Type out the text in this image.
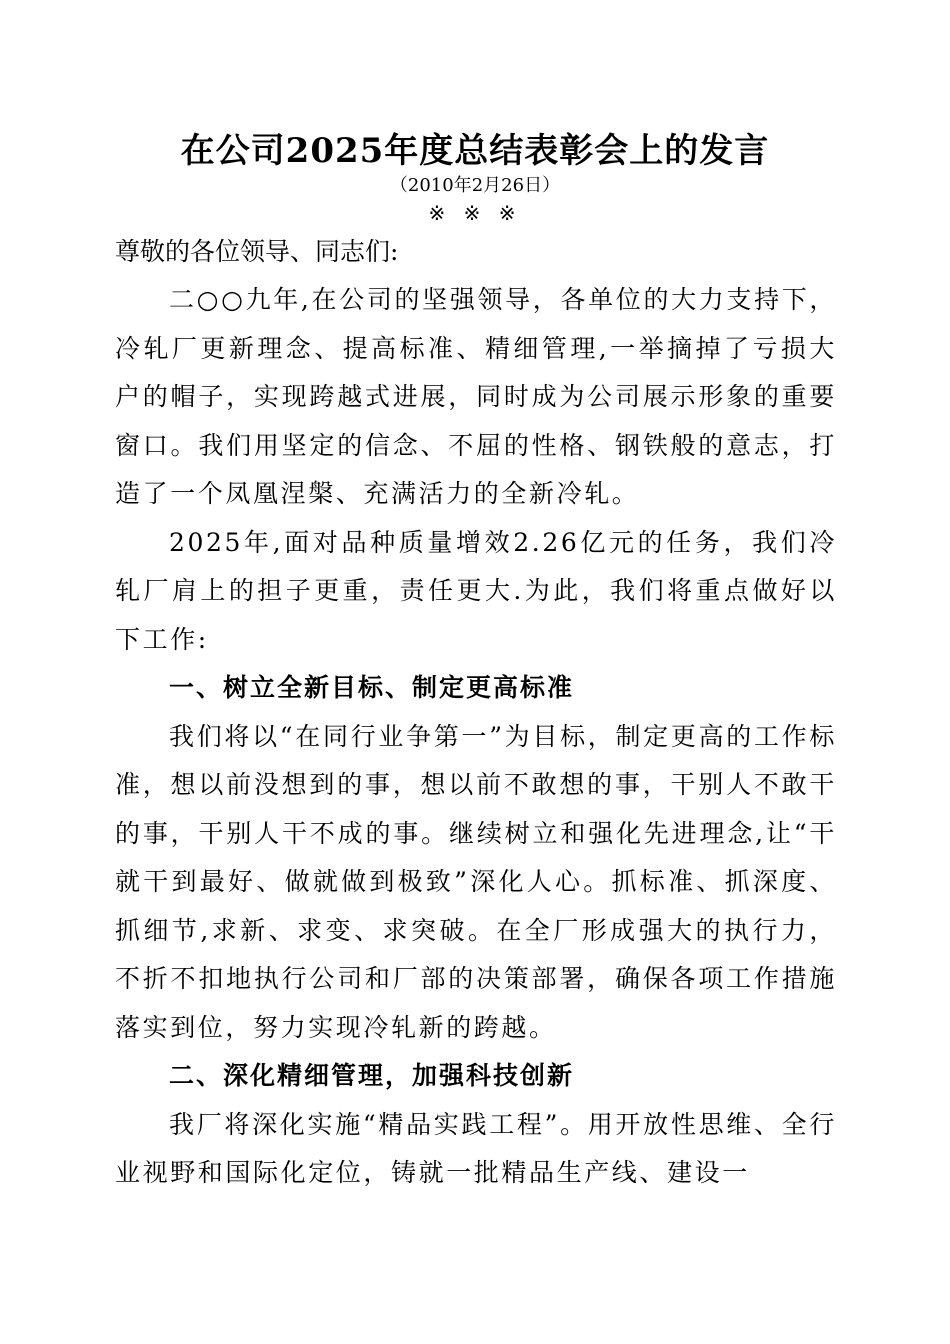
在公司2025年度总结表彰会上的发言
（2010年2月26日）
※ ※ ※
尊敬的各位领导、同志们:

二○○九年,在公司的坚强领导，各单位的大力支持下，冷轧厂更新理念、提高标准、精细管理,一举摘掉了亏损大户的帽子，实现跨越式进展，同时成为公司展示形象的重要窗口。我们用坚定的信念、不屈的性格、钢铁般的意志，打造了一个凤凰涅槃、充满活力的全新冷轧。

2025年,面对品种质量增效2.26亿元的任务，我们冷轧厂肩上的担子更重，责任更大.为此，我们将重点做好以下工作:

一、树立全新目标、制定更高标准

我们将以“在同行业争第一”为目标，制定更高的工作标准，想以前没想到的事，想以前不敢想的事，干别人不敢干的事，干别人干不成的事。继续树立和强化先进理念,让“干就干到最好、做就做到极致”深化人心。抓标准、抓深度、抓细节,求新、求变、求突破。在全厂形成强大的执行力，不折不扣地执行公司和厂部的决策部署，确保各项工作措施落实到位，努力实现冷轧新的跨越。

二、深化精细管理，加强科技创新

我厂将深化实施“精品实践工程”。用开放性思维、全行业视野和国际化定位，铸就一批精品生产线、建设一
